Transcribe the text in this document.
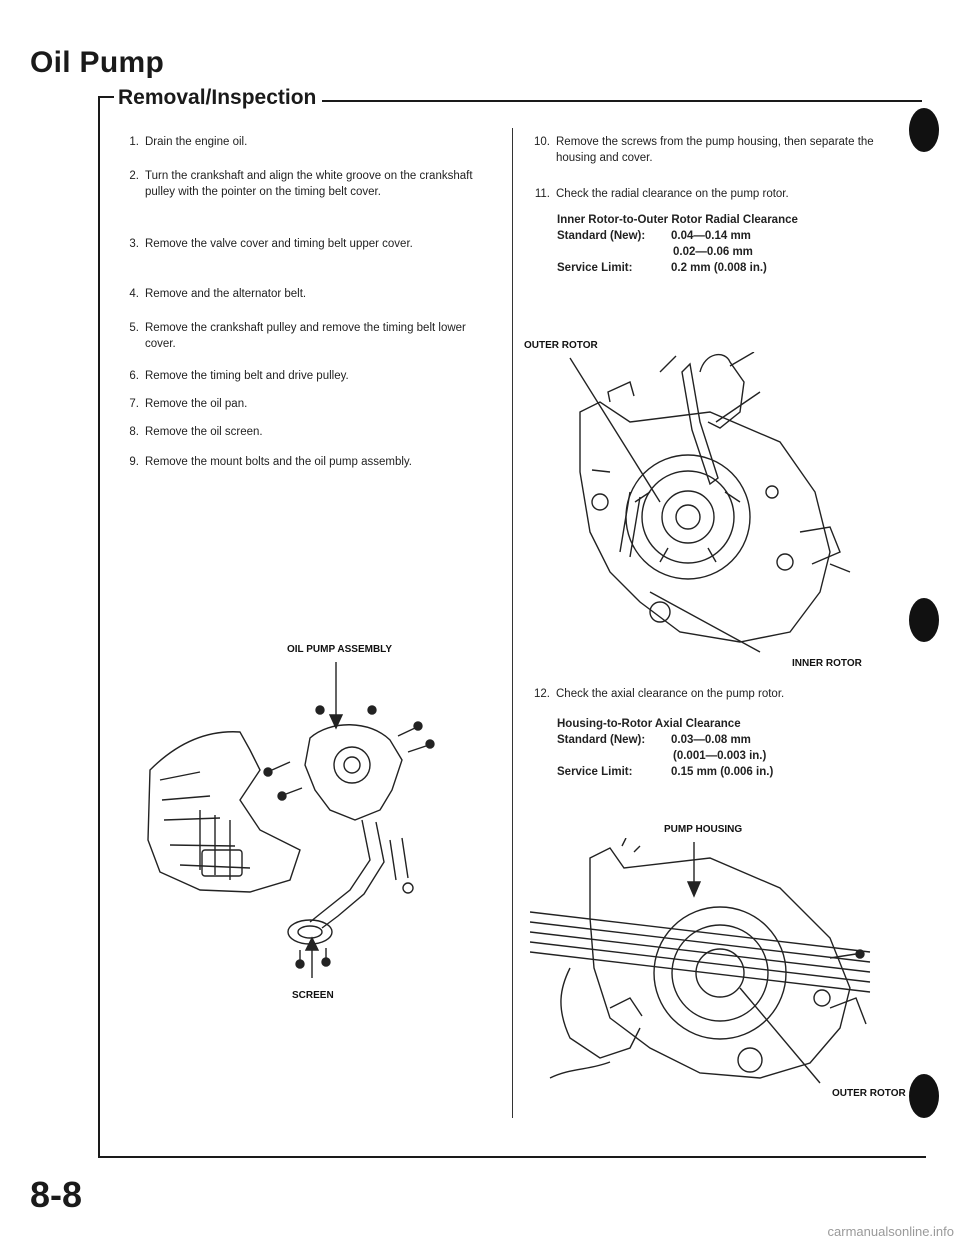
Oil Pump
Removal/Inspection
1. Drain the engine oil.
2. Turn the crankshaft and align the white groove on the crankshaft pulley with the pointer on the timing belt cover.
3. Remove the valve cover and timing belt upper cover.
4. Remove and the alternator belt.
5. Remove the crankshaft pulley and remove the timing belt lower cover.
6. Remove the timing belt and drive pulley.
7. Remove the oil pan.
8. Remove the oil screen.
9. Remove the mount bolts and the oil pump assembly.
OIL PUMP ASSEMBLY
SCREEN
10. Remove the screws from the pump housing, then separate the housing and cover.
11. Check the radial clearance on the pump rotor.
Inner Rotor-to-Outer Rotor Radial Clearance
Standard (New): 0.04—0.14 mm
0.02—0.06 mm
Service Limit:	0.2 mm (0.008 in.)
OUTER ROTOR
INNER ROTOR
12. Check the axial clearance on the pump rotor.
Housing-to-Rotor Axial Clearance
Standard (New): 0.03—0.08 mm
(0.001—0.003 in.)
Service Limit:	0.15 mm (0.006 in.)
PUMP HOUSING
OUTER ROTOR
8-8
carmanualsonline.info
